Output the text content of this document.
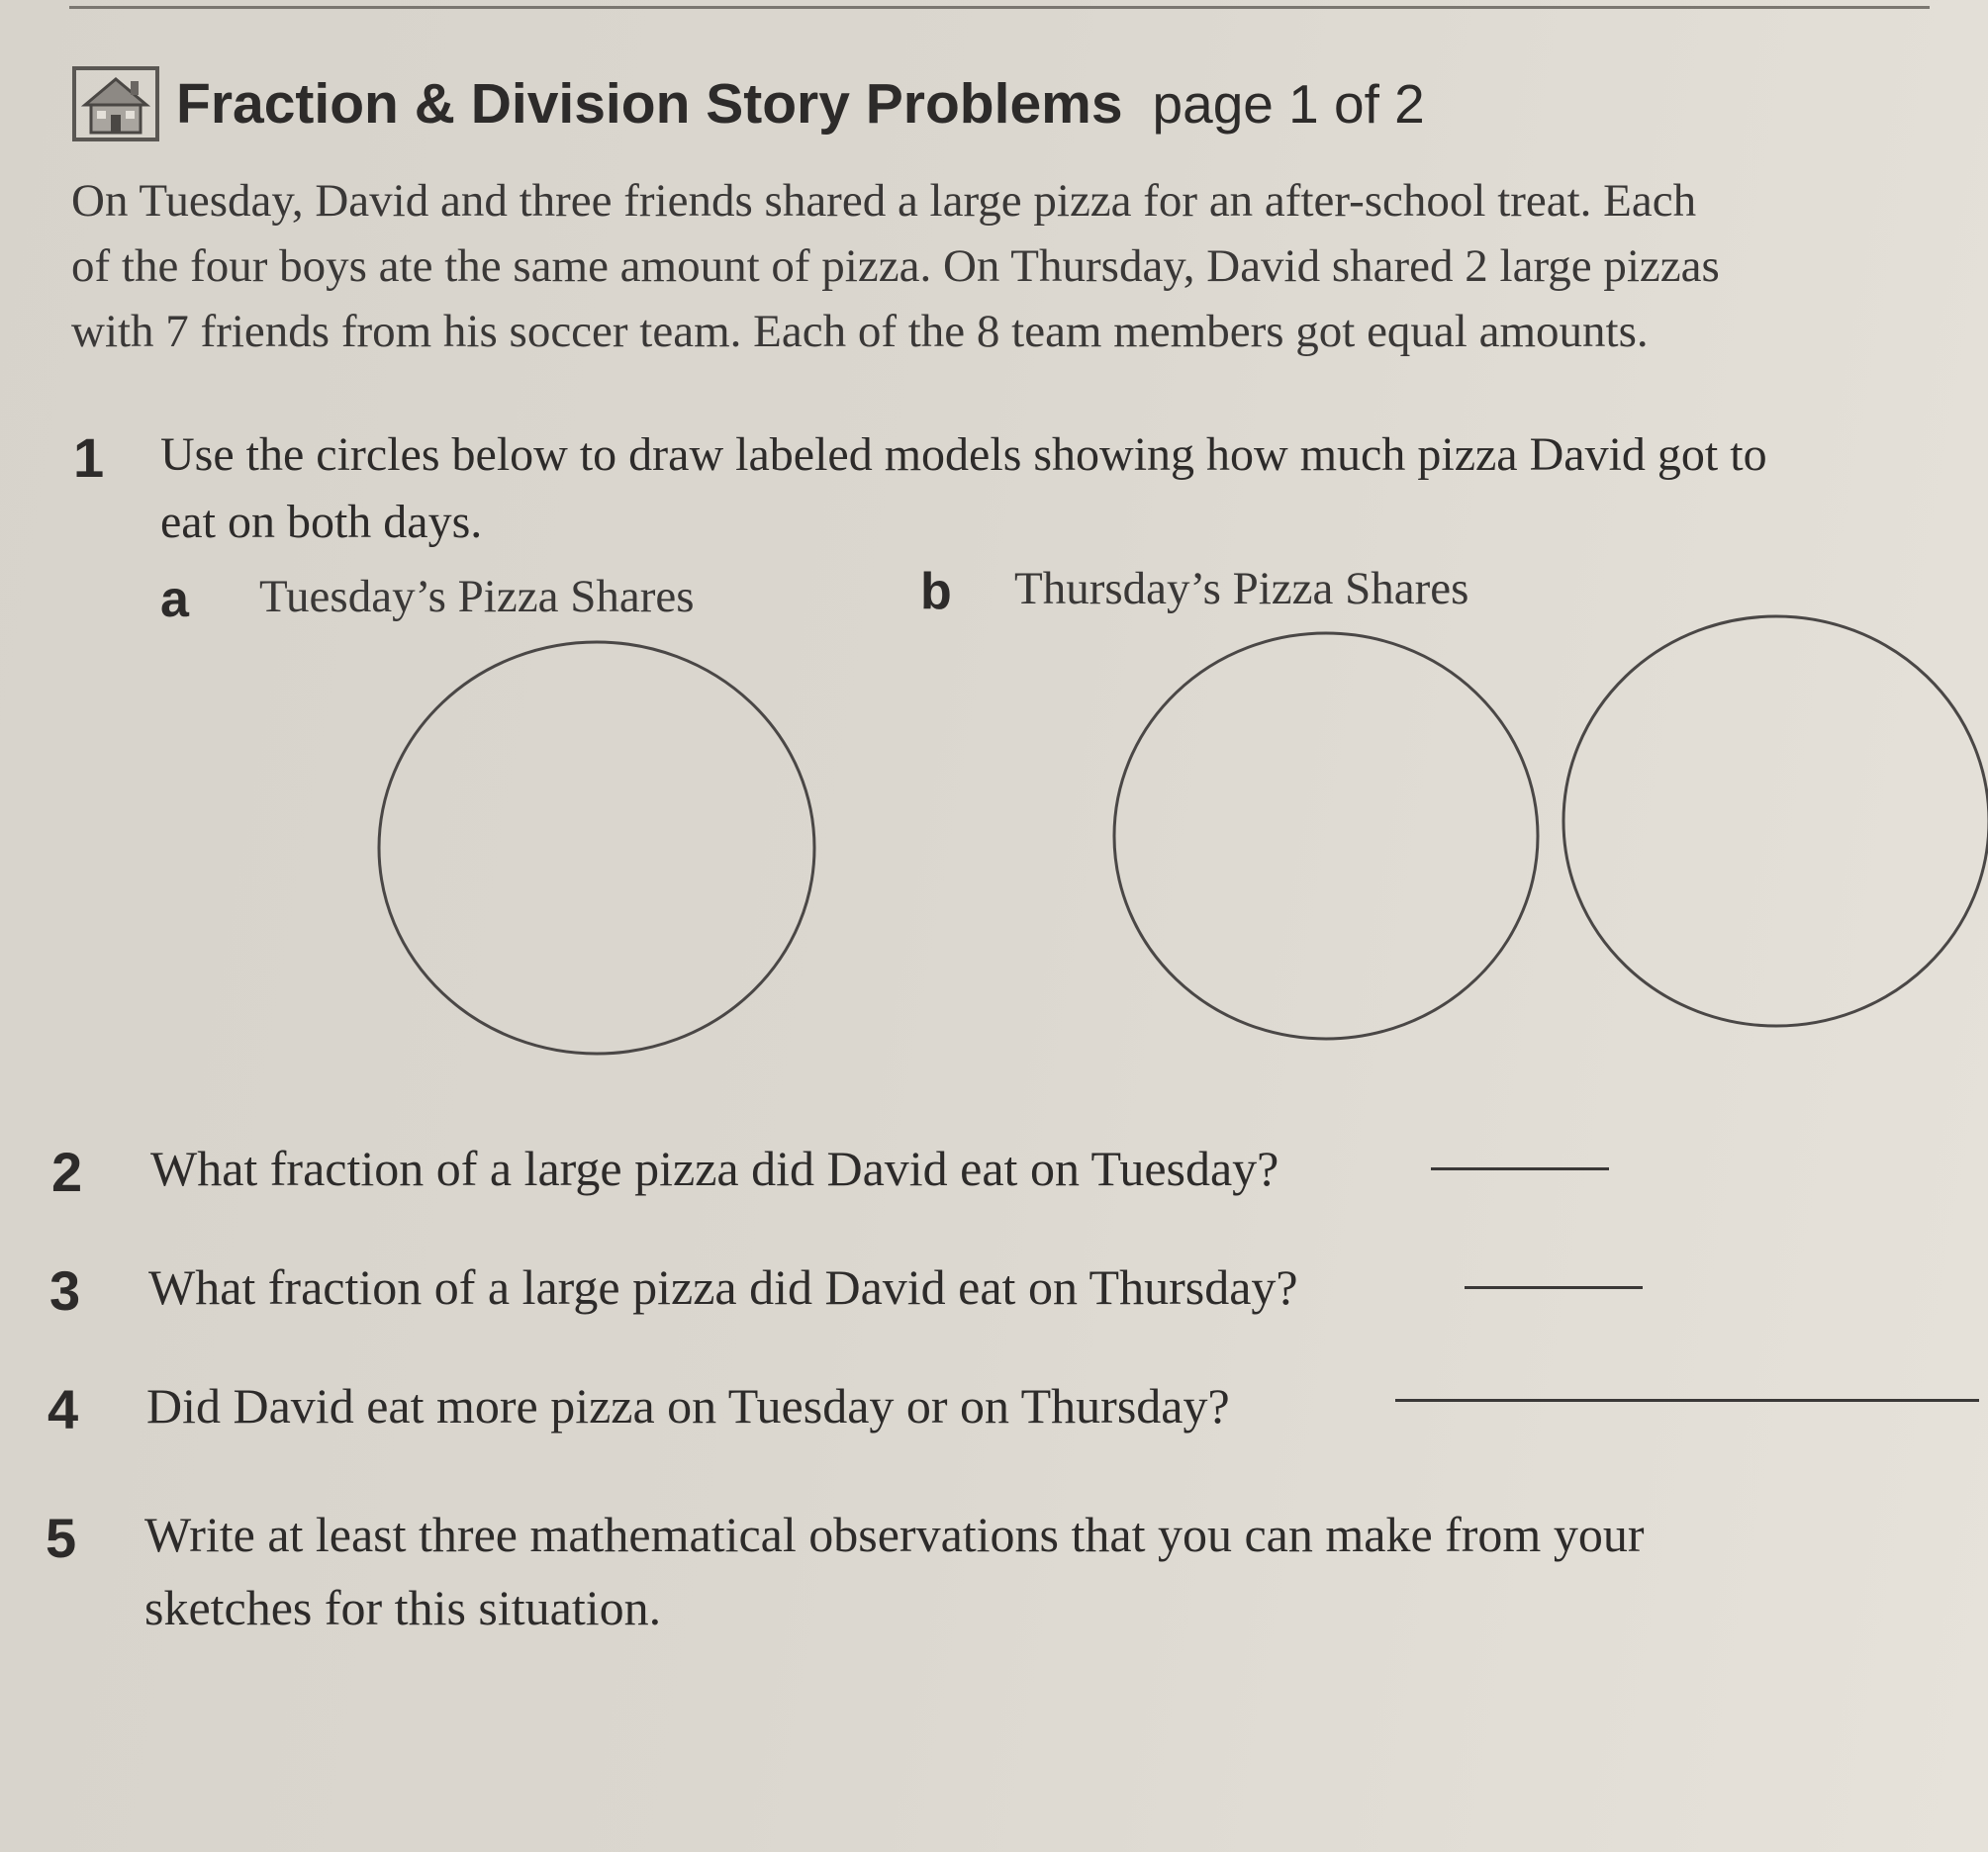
Fraction & Division Story Problems page 1 of 2
On Tuesday, David and three friends shared a large pizza for an after-school treat. Each
of the four boys ate the same amount of pizza. On Thursday, David shared 2 large pizzas
with 7 friends from his soccer team. Each of the 8 team members got equal amounts.
1 Use the circles below to draw labeled models showing how much pizza David got to
eat on both days.
a Tuesday’s Pizza Shares	b Thursday’s Pizza Shares
2 What fraction of a large pizza did David eat on Tuesday?
3 What fraction of a large pizza did David eat on Thursday?
4 Did David eat more pizza on Tuesday or on Thursday?
5 Write at least three mathematical observations that you can make from your
sketches for this situation.
